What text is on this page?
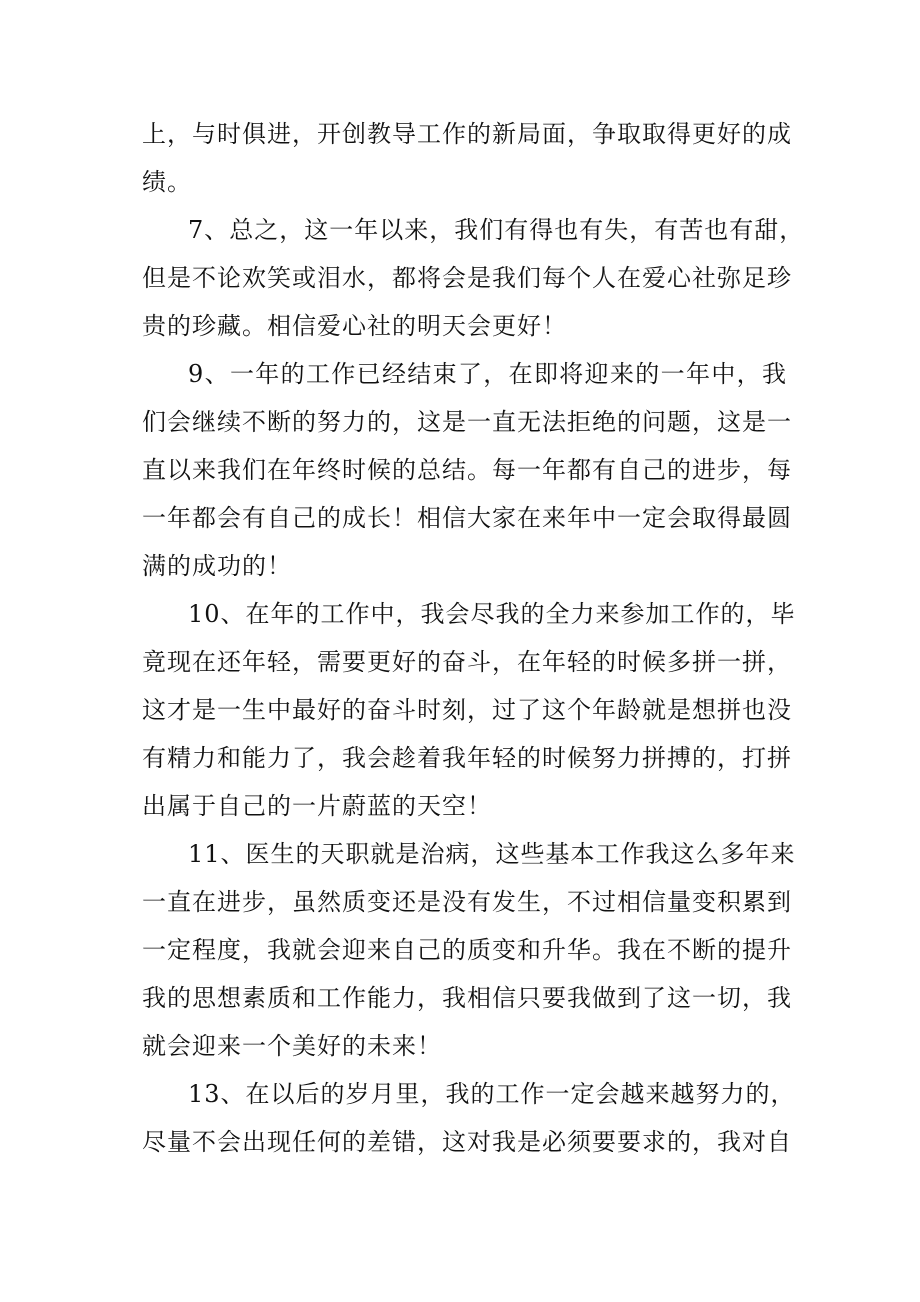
上，与时俱进，开创教导工作的新局面，争取取得更好的成
绩。
7、总之，这一年以来，我们有得也有失，有苦也有甜，
但是不论欢笑或泪水，都将会是我们每个人在爱心社弥足珍
贵的珍藏。相信爱心社的明天会更好！
9、一年的工作已经结束了，在即将迎来的一年中，我
们会继续不断的努力的，这是一直无法拒绝的问题，这是一
直以来我们在年终时候的总结。每一年都有自己的进步，每
一年都会有自己的成长！相信大家在来年中一定会取得最圆
满的成功的！
10、在年的工作中，我会尽我的全力来参加工作的，毕
竟现在还年轻，需要更好的奋斗，在年轻的时候多拼一拼，
这才是一生中最好的奋斗时刻，过了这个年龄就是想拼也没
有精力和能力了，我会趁着我年轻的时候努力拼搏的，打拼
出属于自己的一片蔚蓝的天空！
11、医生的天职就是治病，这些基本工作我这么多年来
一直在进步，虽然质变还是没有发生，不过相信量变积累到
一定程度，我就会迎来自己的质变和升华。我在不断的提升
我的思想素质和工作能力，我相信只要我做到了这一切，我
就会迎来一个美好的未来！
13、在以后的岁月里，我的工作一定会越来越努力的，
尽量不会出现任何的差错，这对我是必须要要求的，我对自
